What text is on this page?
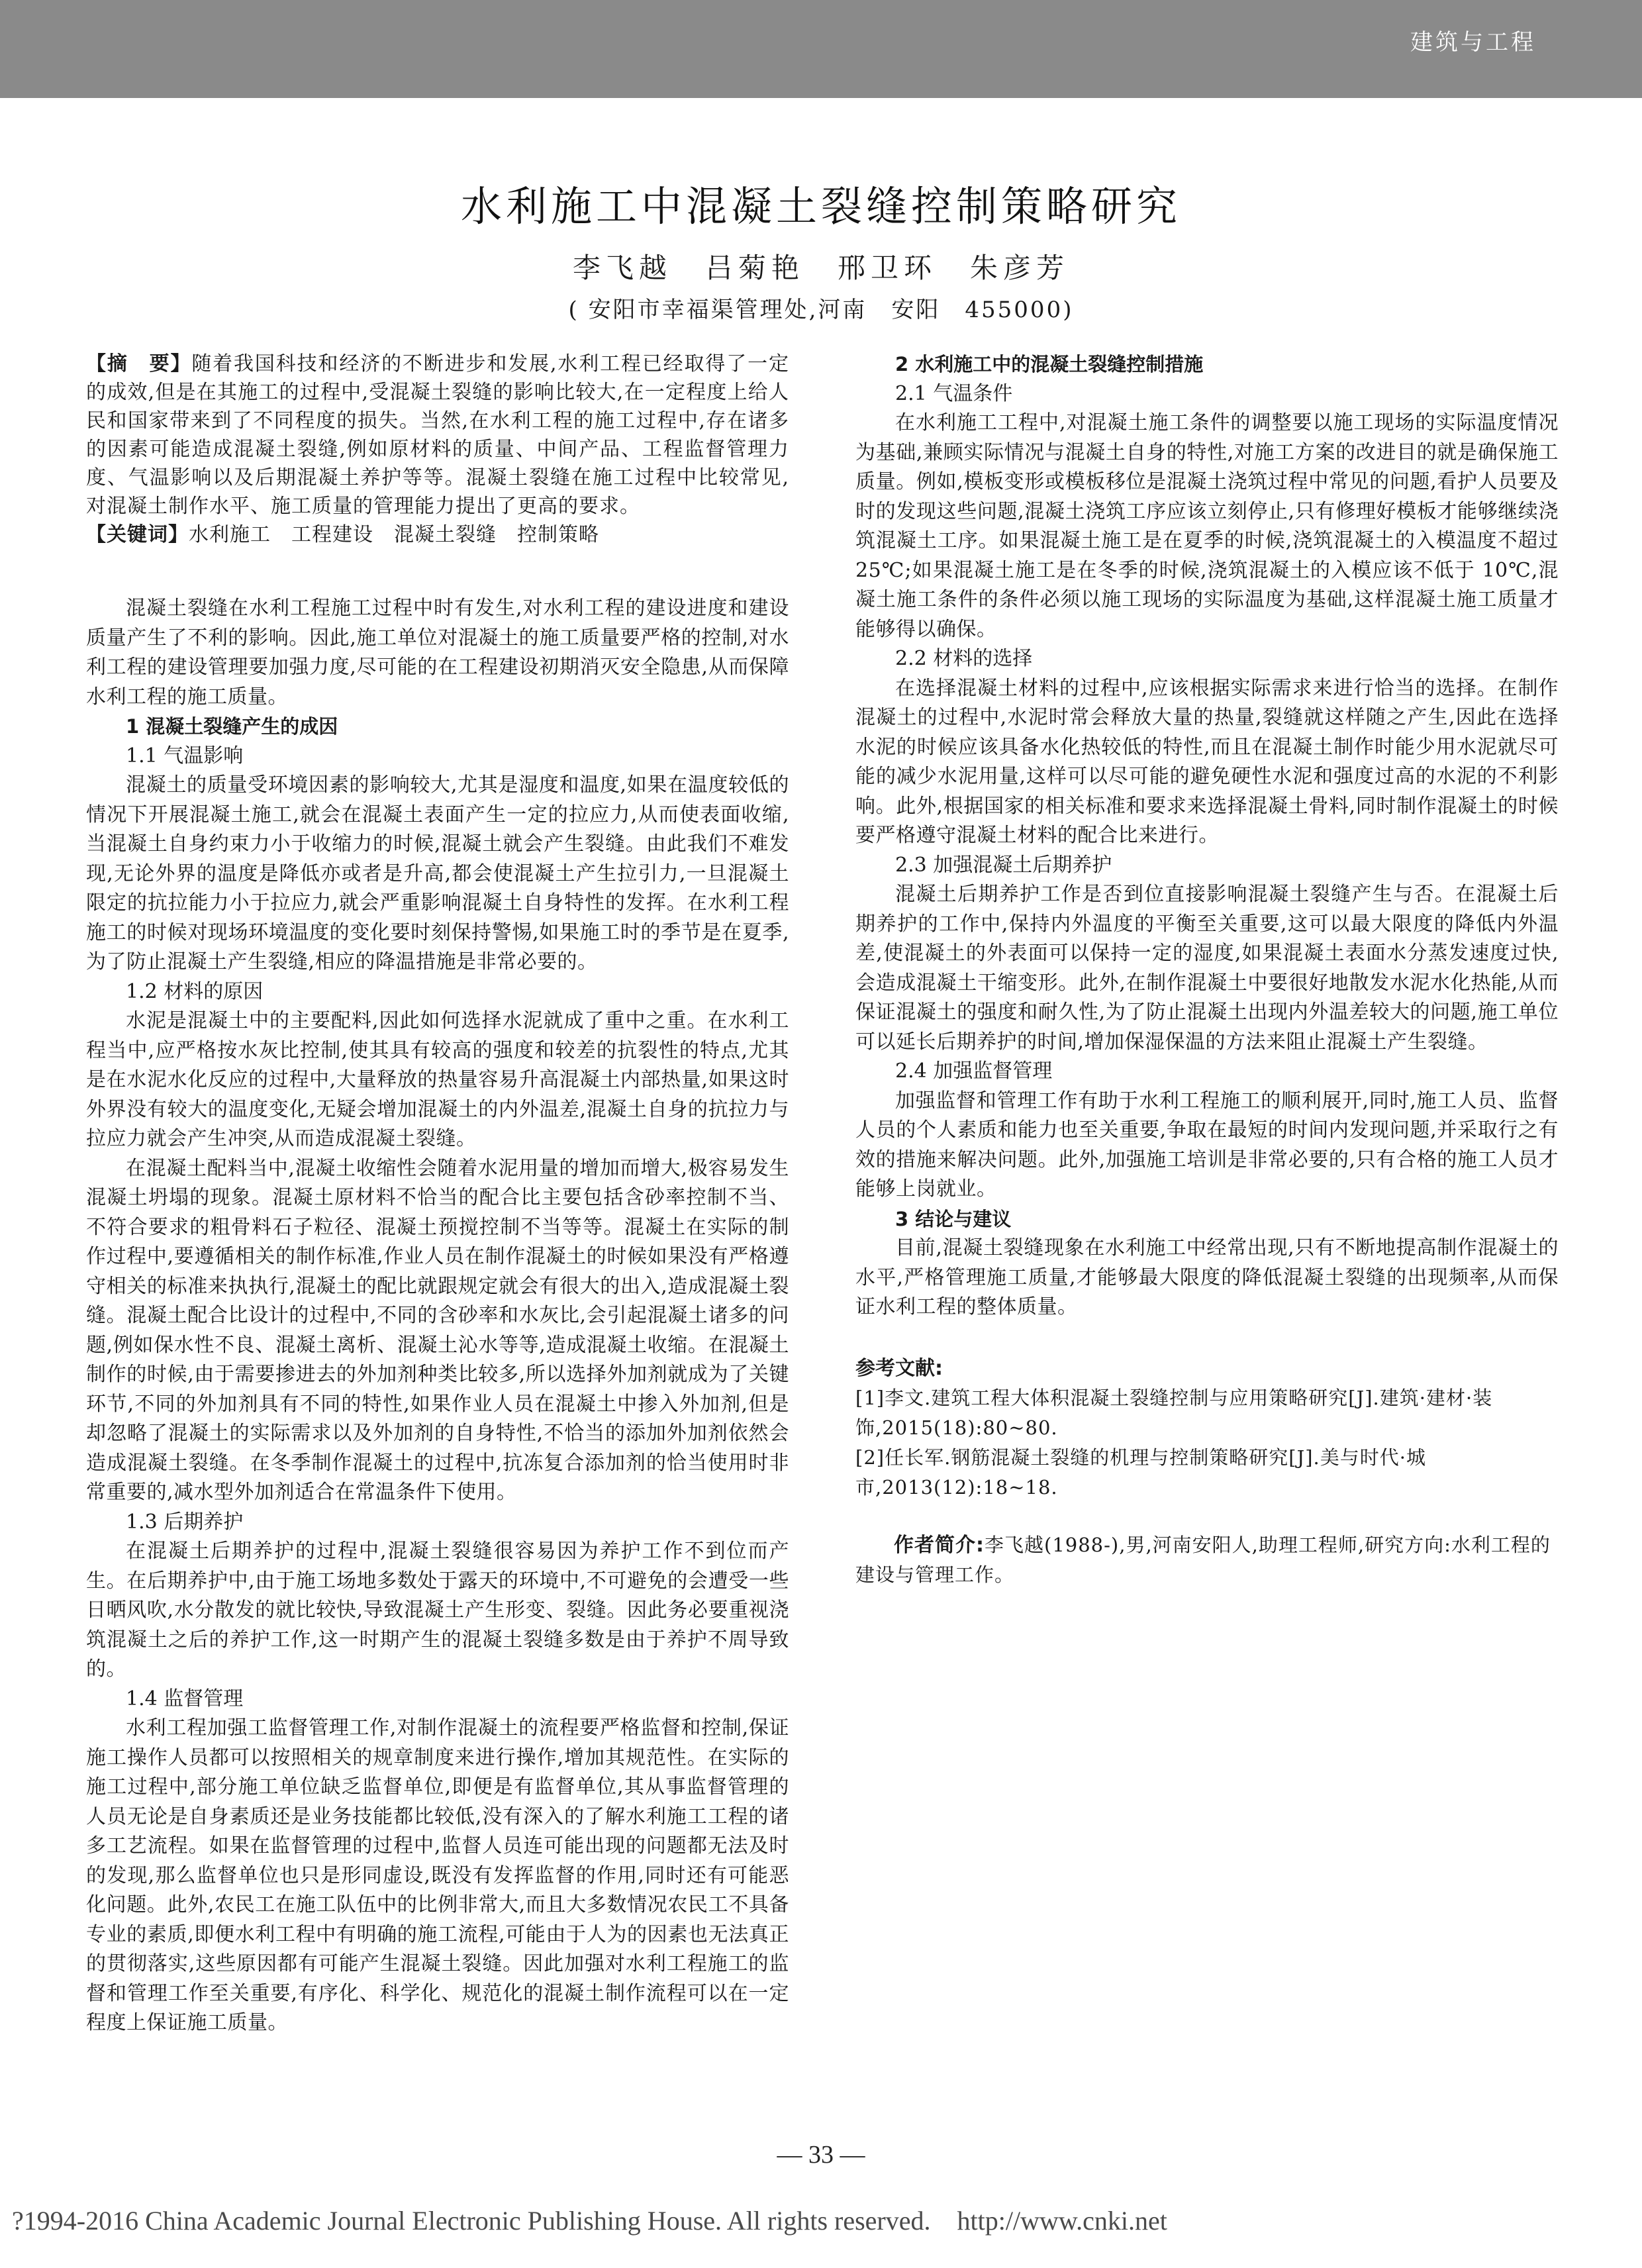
建筑与工程
水利施工中混凝土裂缝控制策略研究
李飞越　吕菊艳　邢卫环　朱彦芳
( 安阳市幸福渠管理处,河南　安阳　455000)

【摘　要】随着我国科技和经济的不断进步和发展,水利工程已经取得了一定的成效,但是在其施工的过程中,受混凝土裂缝的影响比较大,在一定程度上给人民和国家带来到了不同程度的损失。当然,在水利工程的施工过程中,存在诸多的因素可能造成混凝土裂缝,例如原材料的质量、中间产品、工程监督管理力度、气温影响以及后期混凝土养护等等。混凝土裂缝在施工过程中比较常见,对混凝土制作水平、施工质量的管理能力提出了更高的要求。

【关键词】水利施工　工程建设　混凝土裂缝　控制策略

混凝土裂缝在水利工程施工过程中时有发生,对水利工程的建设进度和建设质量产生了不利的影响。因此,施工单位对混凝土的施工质量要严格的控制,对水利工程的建设管理要加强力度,尽可能的在工程建设初期消灭安全隐患,从而保障水利工程的施工质量。

1 混凝土裂缝产生的成因

1.1 气温影响

混凝土的质量受环境因素的影响较大,尤其是湿度和温度,如果在温度较低的情况下开展混凝土施工,就会在混凝土表面产生一定的拉应力,从而使表面收缩,当混凝土自身约束力小于收缩力的时候,混凝土就会产生裂缝。由此我们不难发现,无论外界的温度是降低亦或者是升高,都会使混凝土产生拉引力,一旦混凝土限定的抗拉能力小于拉应力,就会严重影响混凝土自身特性的发挥。在水利工程施工的时候对现场环境温度的变化要时刻保持警惕,如果施工时的季节是在夏季,为了防止混凝土产生裂缝,相应的降温措施是非常必要的。

1.2 材料的原因

水泥是混凝土中的主要配料,因此如何选择水泥就成了重中之重。在水利工程当中,应严格按水灰比控制,使其具有较高的强度和较差的抗裂性的特点,尤其是在水泥水化反应的过程中,大量释放的热量容易升高混凝土内部热量,如果这时外界没有较大的温度变化,无疑会增加混凝土的内外温差,混凝土自身的抗拉力与拉应力就会产生冲突,从而造成混凝土裂缝。

在混凝土配料当中,混凝土收缩性会随着水泥用量的增加而增大,极容易发生混凝土坍塌的现象。混凝土原材料不恰当的配合比主要包括含砂率控制不当、不符合要求的粗骨料石子粒径、混凝土预搅控制不当等等。混凝土在实际的制作过程中,要遵循相关的制作标准,作业人员在制作混凝土的时候如果没有严格遵守相关的标准来执执行,混凝土的配比就跟规定就会有很大的出入,造成混凝土裂缝。混凝土配合比设计的过程中,不同的含砂率和水灰比,会引起混凝土诸多的问题,例如保水性不良、混凝土离析、混凝土沁水等等,造成混凝土收缩。在混凝土制作的时候,由于需要掺进去的外加剂种类比较多,所以选择外加剂就成为了关键环节,不同的外加剂具有不同的特性,如果作业人员在混凝土中掺入外加剂,但是却忽略了混凝土的实际需求以及外加剂的自身特性,不恰当的添加外加剂依然会造成混凝土裂缝。在冬季制作混凝土的过程中,抗冻复合添加剂的恰当使用时非常重要的,减水型外加剂适合在常温条件下使用。

1.3 后期养护

在混凝土后期养护的过程中,混凝土裂缝很容易因为养护工作不到位而产生。在后期养护中,由于施工场地多数处于露天的环境中,不可避免的会遭受一些日晒风吹,水分散发的就比较快,导致混凝土产生形变、裂缝。因此务必要重视浇筑混凝土之后的养护工作,这一时期产生的混凝土裂缝多数是由于养护不周导致的。

1.4 监督管理

水利工程加强工监督管理工作,对制作混凝土的流程要严格监督和控制,保证施工操作人员都可以按照相关的规章制度来进行操作,增加其规范性。在实际的施工过程中,部分施工单位缺乏监督单位,即便是有监督单位,其从事监督管理的人员无论是自身素质还是业务技能都比较低,没有深入的了解水利施工工程的诸多工艺流程。如果在监督管理的过程中,监督人员连可能出现的问题都无法及时的发现,那么监督单位也只是形同虚设,既没有发挥监督的作用,同时还有可能恶化问题。此外,农民工在施工队伍中的比例非常大,而且大多数情况农民工不具备专业的素质,即便水利工程中有明确的施工流程,可能由于人为的因素也无法真正的贯彻落实,这些原因都有可能产生混凝土裂缝。因此加强对水利工程施工的监督和管理工作至关重要,有序化、科学化、规范化的混凝土制作流程可以在一定程度上保证施工质量。

2 水利施工中的混凝土裂缝控制措施

2.1 气温条件

在水利施工工程中,对混凝土施工条件的调整要以施工现场的实际温度情况为基础,兼顾实际情况与混凝土自身的特性,对施工方案的改进目的就是确保施工质量。例如,模板变形或模板移位是混凝土浇筑过程中常见的问题,看护人员要及时的发现这些问题,混凝土浇筑工序应该立刻停止,只有修理好模板才能够继续浇筑混凝土工序。如果混凝土施工是在夏季的时候,浇筑混凝土的入模温度不超过 25℃;如果混凝土施工是在冬季的时候,浇筑混凝土的入模应该不低于 10℃,混凝土施工条件的条件必须以施工现场的实际温度为基础,这样混凝土施工质量才能够得以确保。

2.2 材料的选择

在选择混凝土材料的过程中,应该根据实际需求来进行恰当的选择。在制作混凝土的过程中,水泥时常会释放大量的热量,裂缝就这样随之产生,因此在选择水泥的时候应该具备水化热较低的特性,而且在混凝土制作时能少用水泥就尽可能的减少水泥用量,这样可以尽可能的避免硬性水泥和强度过高的水泥的不利影响。此外,根据国家的相关标准和要求来选择混凝土骨料,同时制作混凝土的时候要严格遵守混凝土材料的配合比来进行。

2.3 加强混凝土后期养护

混凝土后期养护工作是否到位直接影响混凝土裂缝产生与否。在混凝土后期养护的工作中,保持内外温度的平衡至关重要,这可以最大限度的降低内外温差,使混凝土的外表面可以保持一定的湿度,如果混凝土表面水分蒸发速度过快,会造成混凝土干缩变形。此外,在制作混凝土中要很好地散发水泥水化热能,从而保证混凝土的强度和耐久性,为了防止混凝土出现内外温差较大的问题,施工单位可以延长后期养护的时间,增加保湿保温的方法来阻止混凝土产生裂缝。

2.4 加强监督管理

加强监督和管理工作有助于水利工程施工的顺利展开,同时,施工人员、监督人员的个人素质和能力也至关重要,争取在最短的时间内发现问题,并采取行之有效的措施来解决问题。此外,加强施工培训是非常必要的,只有合格的施工人员才能够上岗就业。

3 结论与建议

目前,混凝土裂缝现象在水利施工中经常出现,只有不断地提高制作混凝土的水平,严格管理施工质量,才能够最大限度的降低混凝土裂缝的出现频率,从而保证水利工程的整体质量。

参考文献:

[1]李文.建筑工程大体积混凝土裂缝控制与应用策略研究[J].建筑·建材·装饰,2015(18):80~80.

[2]任长军.钢筋混凝土裂缝的机理与控制策略研究[J].美与时代·城市,2013(12):18~18.

作者简介:李飞越(1988-),男,河南安阳人,助理工程师,研究方向:水利工程的建设与管理工作。

— 33 —
?1994-2016 China Academic Journal Electronic Publishing House. All rights reserved.    http://www.cnki.net
